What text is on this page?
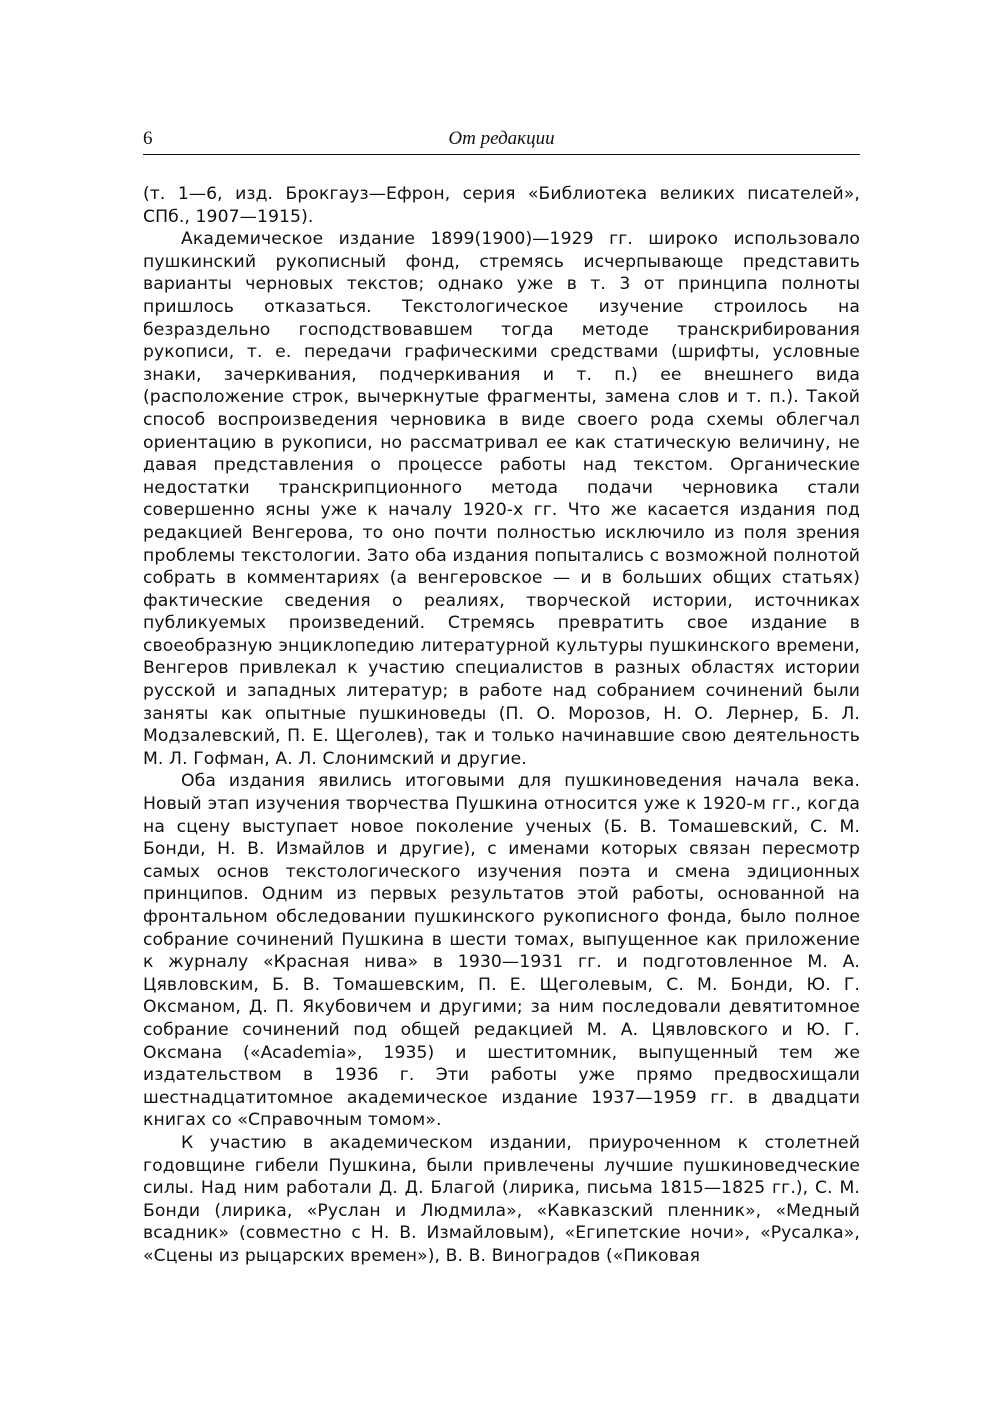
6	От редакции

(т. 1—6, изд. Брокгауз—Ефрон, серия «Библиотека великих писателей», СПб., 1907—1915).

Академическое издание 1899(1900)—1929 гг. широко использовало пушкинский рукописный фонд, стремясь исчерпывающе представить варианты черновых текстов; однако уже в т. 3 от принципа полноты пришлось отказаться. Текстологическое изучение строилось на безраздельно господствовавшем тогда методе транскрибирования рукописи, т. е. передачи графическими средствами (шрифты, условные знаки, зачеркивания, подчеркивания и т. п.) ее внешнего вида (расположение строк, вычеркнутые фрагменты, замена слов и т. п.). Такой способ воспроизведения черновика в виде своего рода схемы облегчал ориентацию в рукописи, но рассматривал ее как статическую величину, не давая представления о процессе работы над текстом. Органические недостатки транскрипционного метода подачи черновика стали совершенно ясны уже к началу 1920-х гг. Что же касается издания под редакцией Венгерова, то оно почти полностью исключило из поля зрения проблемы текстологии. Зато оба издания попытались с возможной полнотой собрать в комментариях (а венгеровское — и в больших общих статьях) фактические сведения о реалиях, творческой истории, источниках публикуемых произведений. Стремясь превратить свое издание в своеобразную энциклопедию литературной культуры пушкинского времени, Венгеров привлекал к участию специалистов в разных областях истории русской и западных литератур; в работе над собранием сочинений были заняты как опытные пушкиноведы (П. О. Морозов, Н. О. Лернер, Б. Л. Модзалевский, П. Е. Щеголев), так и только начинавшие свою деятельность М. Л. Гофман, А. Л. Слонимский и другие.

Оба издания явились итоговыми для пушкиноведения начала века. Новый этап изучения творчества Пушкина относится уже к 1920-м гг., когда на сцену выступает новое поколение ученых (Б. В. Томашевский, С. М. Бонди, Н. В. Измайлов и другие), с именами которых связан пересмотр самых основ текстологического изучения поэта и смена эдиционных принципов. Одним из первых результатов этой работы, основанной на фронтальном обследовании пушкинского рукописного фонда, было полное собрание сочинений Пушкина в шести томах, выпущенное как приложение к журналу «Красная нива» в 1930—1931 гг. и подготовленное М. А. Цявловским, Б. В. Томашевским, П. Е. Щеголевым, С. М. Бонди, Ю. Г. Оксманом, Д. П. Якубовичем и другими; за ним последовали девятитомное собрание сочинений под общей редакцией М. А. Цявловского и Ю. Г. Оксмана («Academia», 1935) и шеститомник, выпущенный тем же издательством в 1936 г. Эти работы уже прямо предвосхищали шестнадцатитомное академическое издание 1937—1959 гг. в двадцати книгах со «Справочным томом».

К участию в академическом издании, приуроченном к столетней годовщине гибели Пушкина, были привлечены лучшие пушкиноведческие силы. Над ним работали Д. Д. Благой (лирика, письма 1815—1825 гг.), С. М. Бонди (лирика, «Руслан и Людмила», «Кавказский пленник», «Медный всадник» (совместно с Н. В. Измайловым), «Египетские ночи», «Русалка», «Сцены из рыцарских времен»), В. В. Виноградов («Пиковая
